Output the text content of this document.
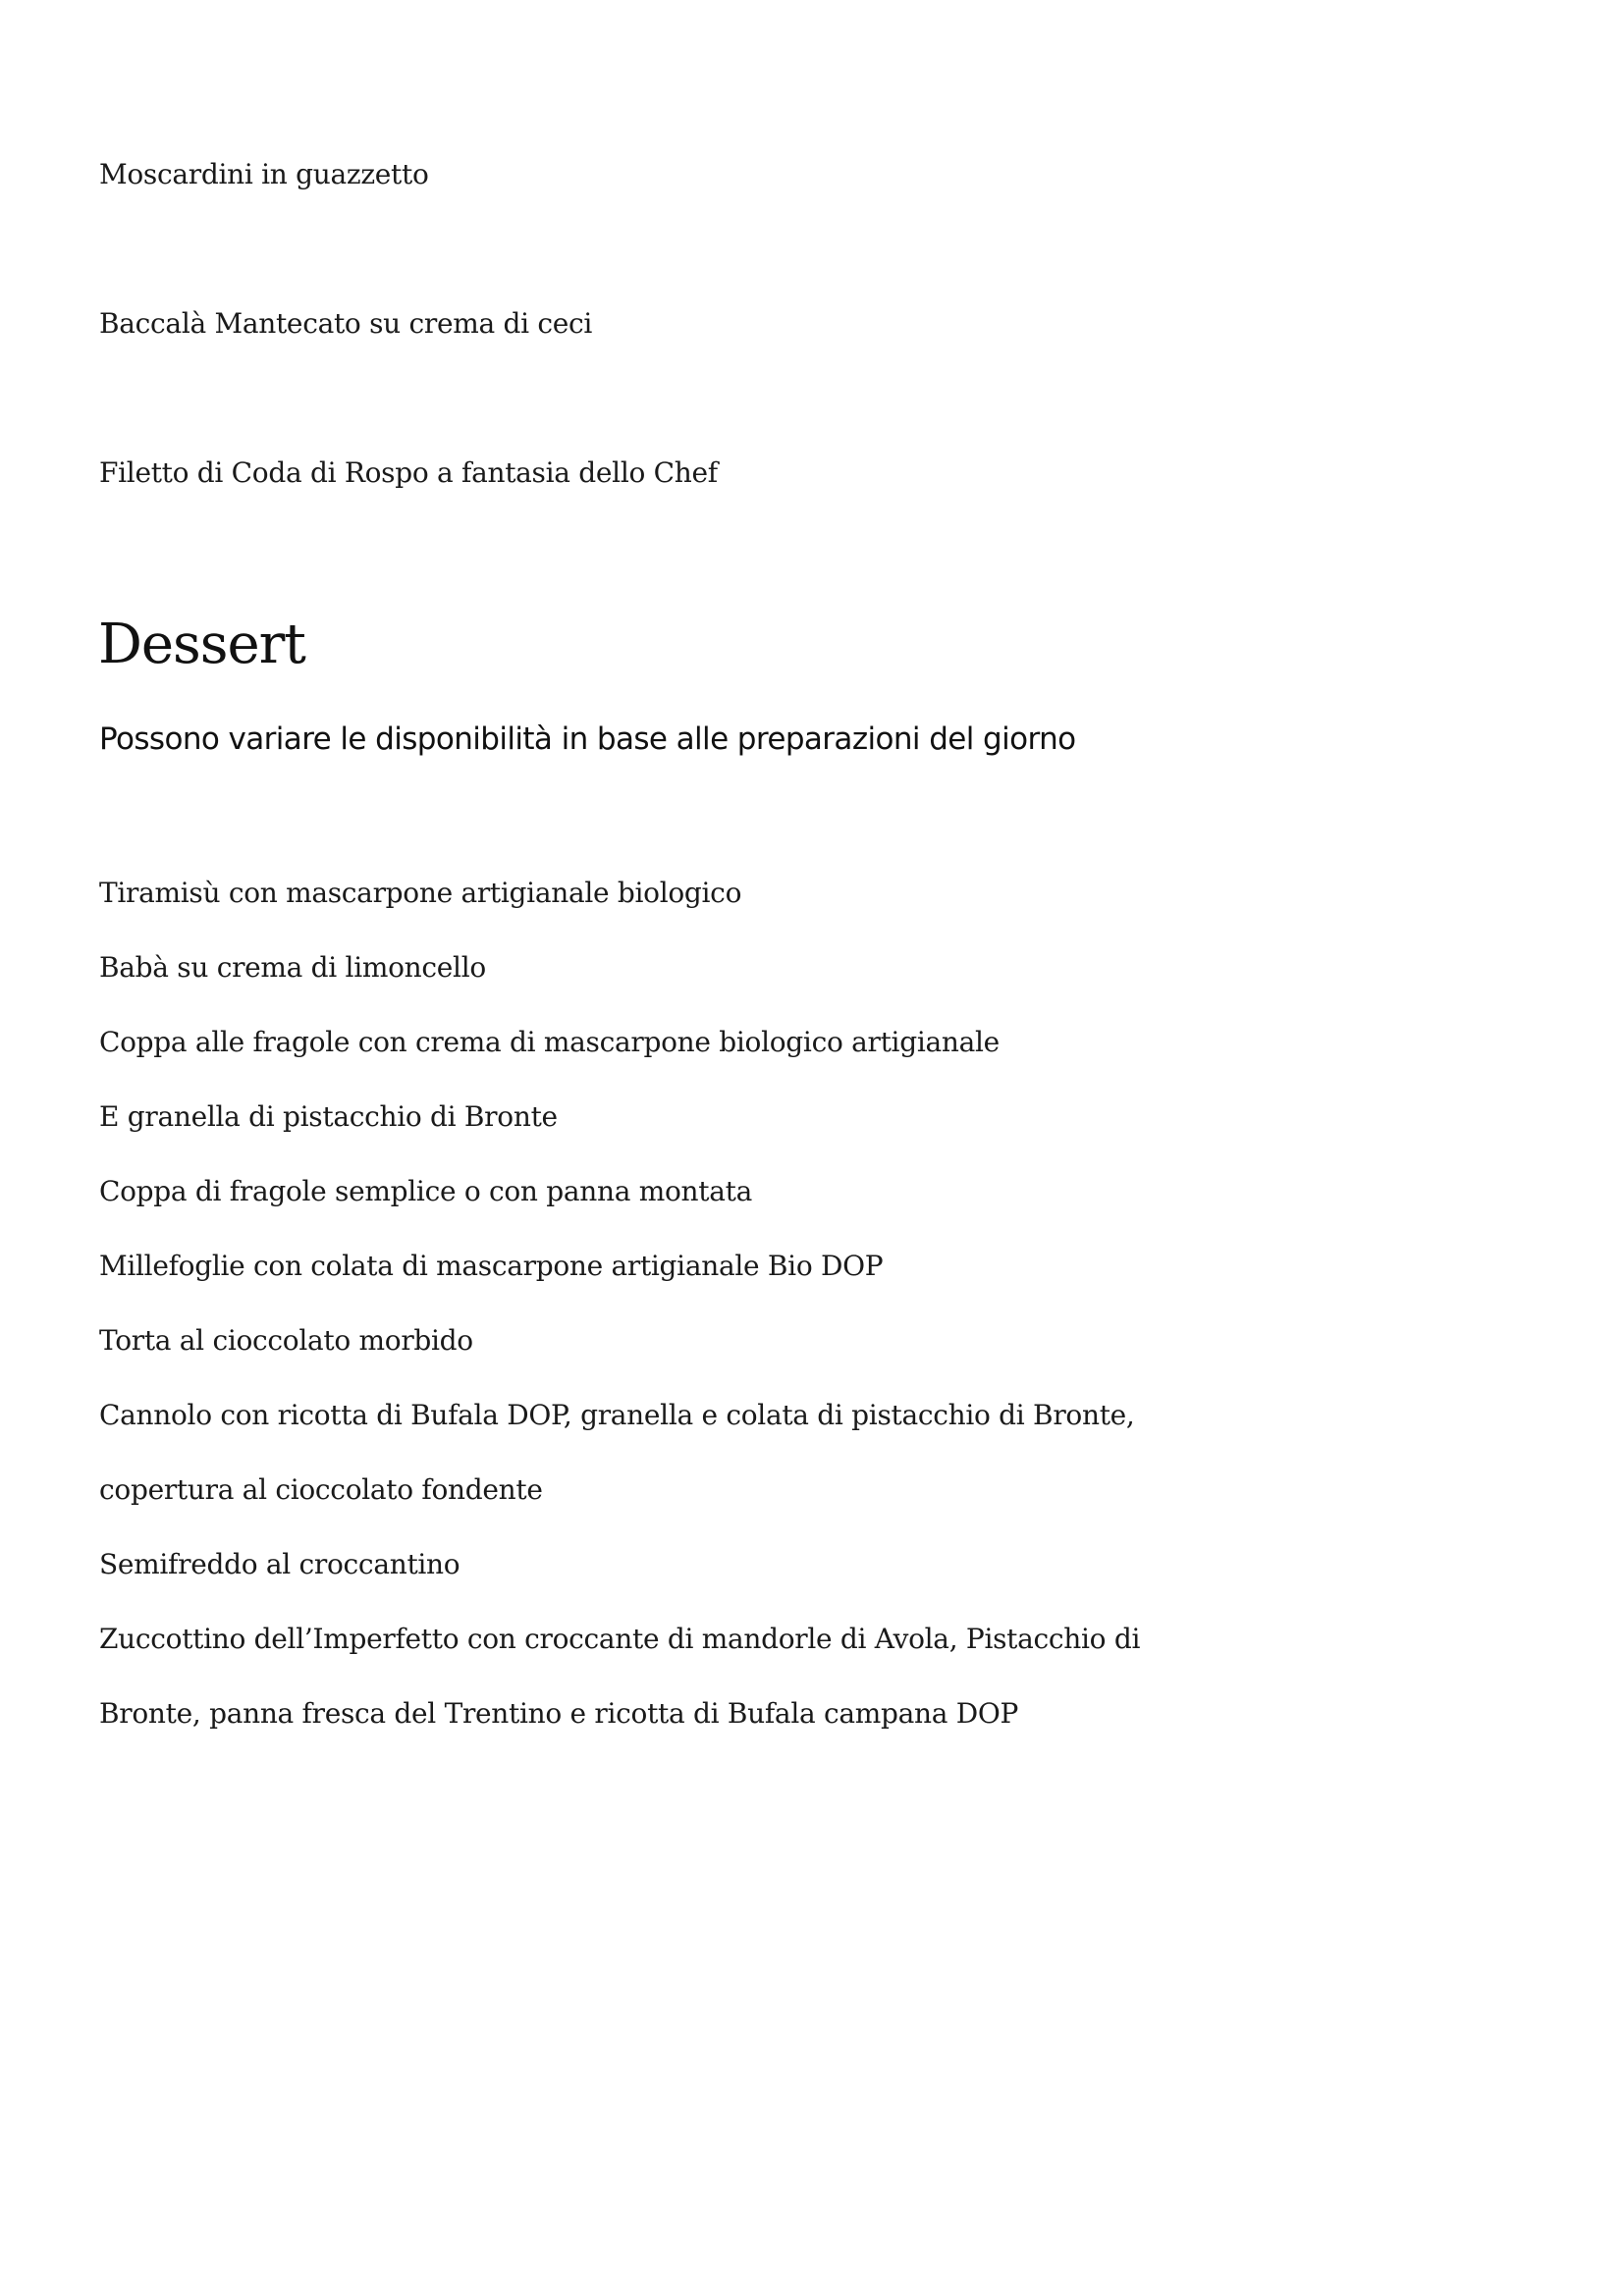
Moscardini in guazzetto
Baccalà Mantecato su crema di ceci
Filetto di Coda di Rospo a fantasia dello Chef
Dessert
Possono variare le disponibilità in base alle preparazioni del giorno
Tiramisù con mascarpone artigianale biologico
Babà su crema di limoncello
Coppa alle fragole con crema di mascarpone biologico artigianale
E granella di pistacchio di Bronte
Coppa di fragole semplice o con panna montata
Millefoglie con colata di mascarpone artigianale Bio DOP
Torta al cioccolato morbido
Cannolo con ricotta di Bufala DOP, granella e colata di pistacchio di Bronte,
copertura al cioccolato fondente
Semifreddo al croccantino
Zuccottino dell’Imperfetto con croccante di mandorle di Avola, Pistacchio di
Bronte, panna fresca del Trentino e ricotta di Bufala campana DOP
